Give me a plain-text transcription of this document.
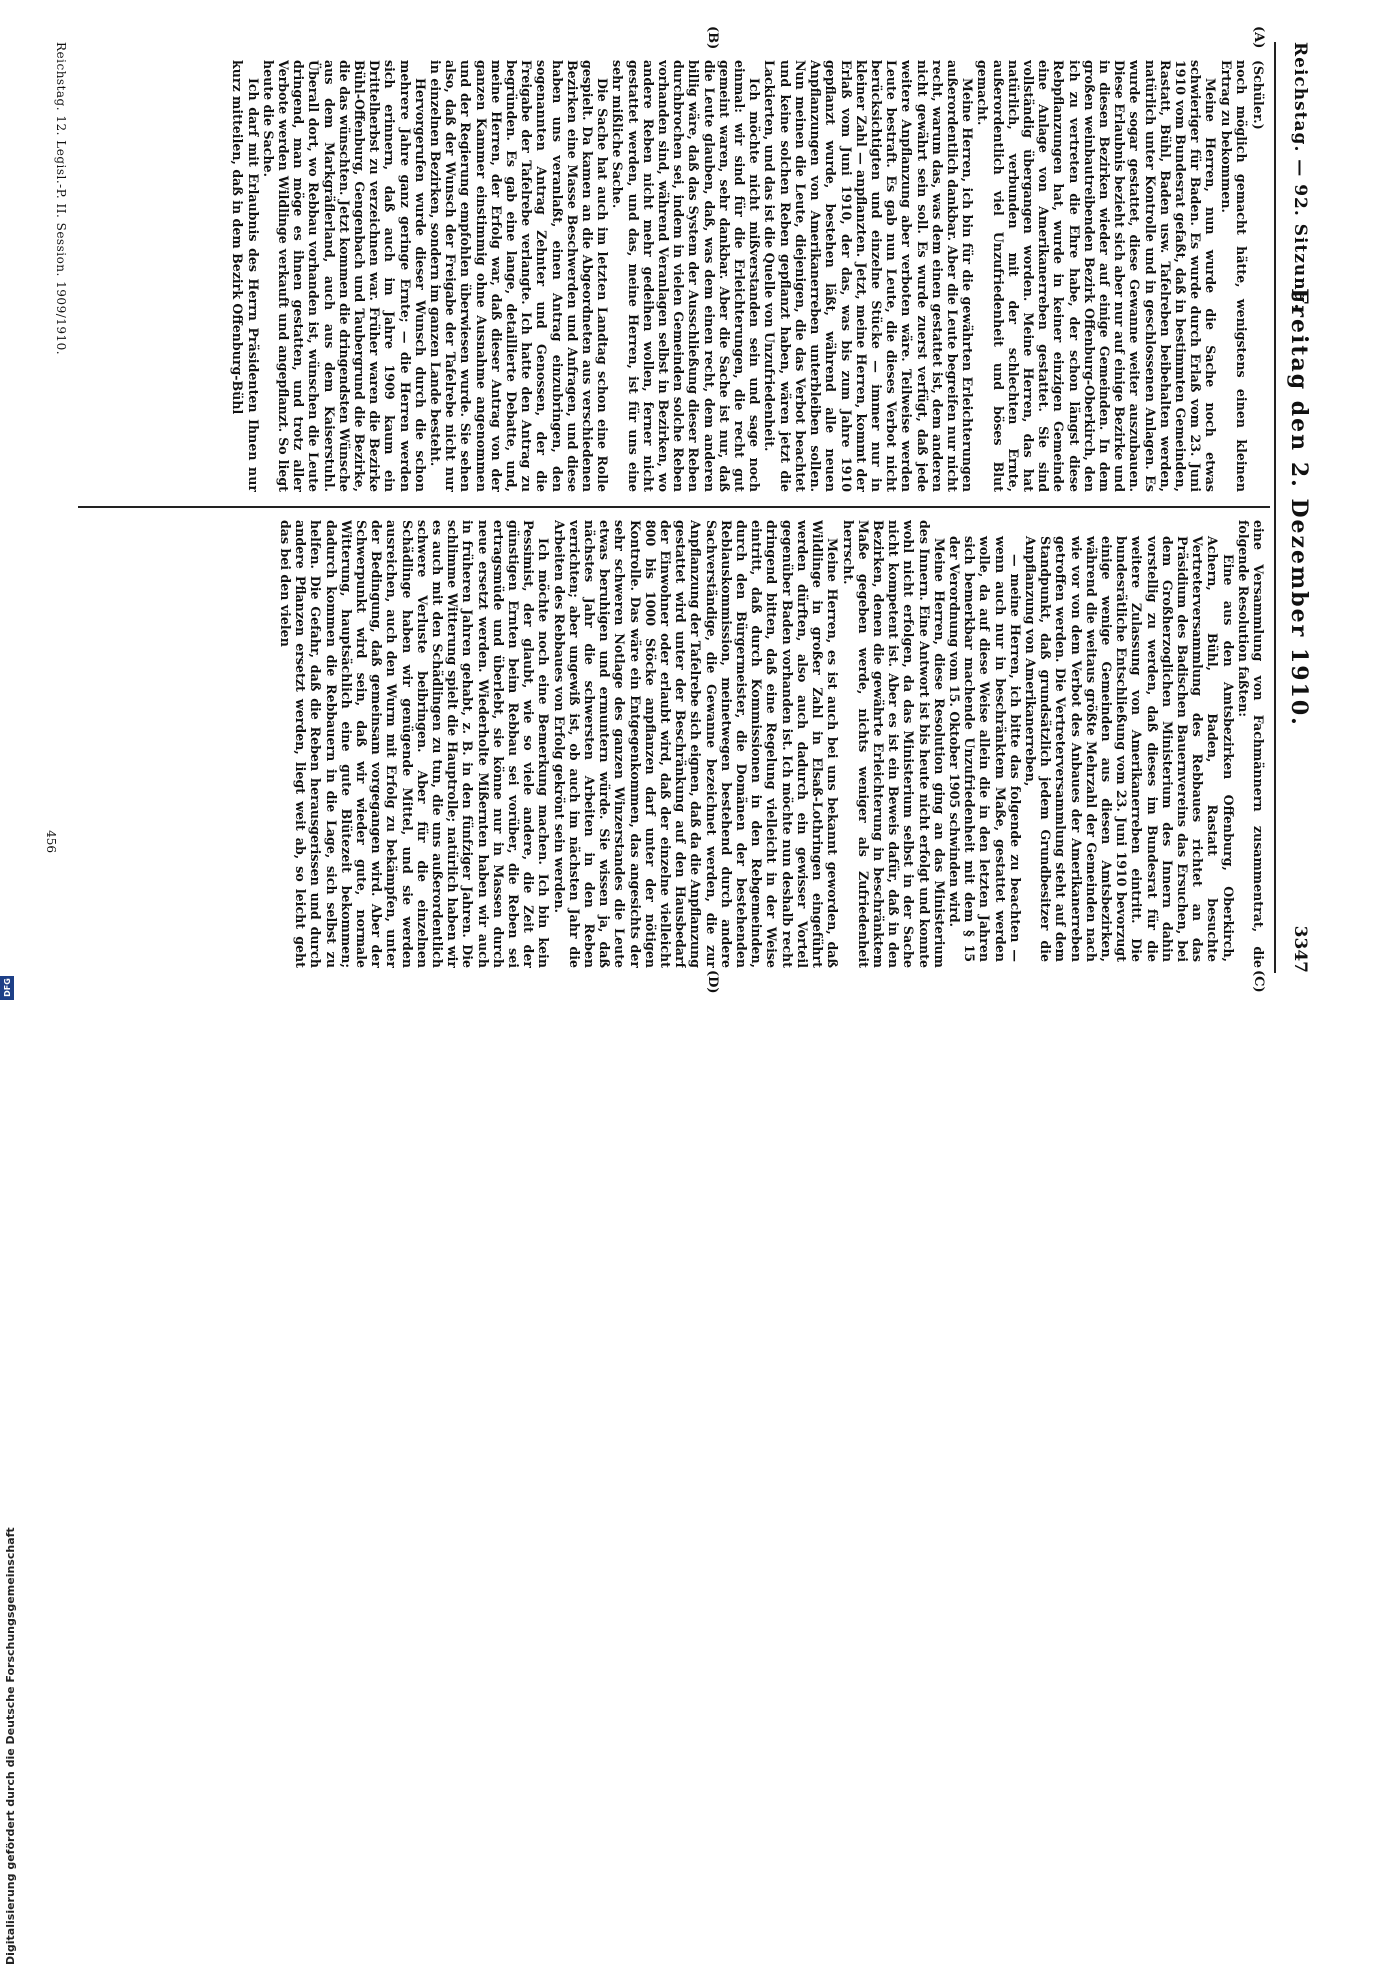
Reichstag. — 92. Sitzung.
Freitag den 2. Dezember 1910.
3347
(A)
(B)
(C)
(D)

(Schüler.)

noch möglich gemacht hätte, wenigstens einen kleinen Ertrag zu bekommen.

Meine Herren, nun wurde die Sache noch etwas schwieriger für Baden. Es wurde durch Erlaß vom 23. Juni 1910 vom Bundesrat gefaßt, daß in bestimmten Gemeinden, Rastatt, Bühl, Baden usw. Tafelreben beibehalten werden, natürlich unter Kontrolle und in geschlossenen Anlagen. Es wurde sogar gestattet, diese Gewanne weiter auszubauen. Diese Erlaubnis bezieht sich aber nur auf einige Bezirke und in diesen Bezirken wieder auf einige Gemeinden. In dem großen weinbautreibenden Bezirk Offenburg-Oberkirch, den ich zu vertreten die Ehre habe, der schon längst diese Rebpflanzungen hat, wurde in keiner einzigen Gemeinde eine Anlage von Amerikanerreben gestattet. Sie sind vollständig übergangen worden. Meine Herren, das hat natürlich, verbunden mit der schlechten Ernte, außerordentlich viel Unzufriedenheit und böses Blut gemacht.

Meine Herren, ich bin für die gewährten Erleichterungen außerordentlich dankbar. Aber die Leute begreifen nur nicht recht, warum das, was dem einen gestattet ist, dem anderen nicht gewährt sein soll. Es wurde zuerst verfügt, daß jede weitere Anpflanzung aber verboten wäre. Teilweise werden Leute bestraft. Es gab nun Leute, die dieses Verbot nicht berücksichtigten und einzelne Stücke — immer nur in kleiner Zahl — anpflanzten. Jetzt, meine Herren, kommt der Erlaß vom Juni 1910, der das, was bis zum Jahre 1910 gepflanzt wurde, bestehen läßt, während alle neuen Anpflanzungen von Amerikanerreben unterbleiben sollen. Nun meinen die Leute, diejenigen, die das Verbot beachtet und keine solchen Reben gepflanzt haben, wären jetzt die Lackierten, und das ist die Quelle von Unzufriedenheit.

Ich möchte nicht mißverstanden sein und sage noch einmal: wir sind für die Erleichterungen, die recht gut gemeint waren, sehr dankbar. Aber die Sache ist nur, daß die Leute glauben, daß, was dem einen recht, dem anderen billig wäre, daß das System der Ausschließung dieser Reben durchbrochen sei, indem in vielen Gemeinden solche Reben vorhanden sind, während Veranlagen selbst in Bezirken, wo andere Reben nicht mehr gedeihen wollen, ferner nicht gestattet werden, und das, meine Herren, ist für uns eine sehr mißliche Sache.

Die Sache hat auch im letzten Landtag schon eine Rolle gespielt. Da kamen an die Abgeordneten aus verschiedenen Bezirken eine Masse Beschwerden und Anfragen, und diese haben uns veranlaßt, einen Antrag einzubringen, den sogenannten Antrag Zehnter und Genossen, der die Freigabe der Tafelrebe verlangte. Ich hatte den Antrag zu begründen. Es gab eine lange, detaillierte Debatte, und, meine Herren, der Erfolg war, daß dieser Antrag von der ganzen Kammer einstimmig ohne Ausnahme angenommen und der Regierung empfohlen überwiesen wurde. Sie sehen also, daß der Wunsch der Freigabe der Tafelrebe nicht nur in einzelnen Bezirken, sondern im ganzen Lande besteht.

Hervorgerufen wurde dieser Wunsch durch die schon mehrere Jahre ganz geringe Ernte; — die Herren werden sich erinnern, daß auch im Jahre 1909 kaum ein Drittelherbst zu verzeichnen war. Früher waren die Bezirke Bühl-Offenburg, Gengenbach und Taubergrund die Bezirke, die das wünschten. Jetzt kommen die dringendsten Wünsche aus dem Markgräflerland, auch aus dem Kaiserstuhl. Überall dort, wo Rebbau vorhanden ist, wünschen die Leute dringend, man möge es ihnen gestatten, und trotz aller Verbote werden Wildlinge verkauft und angepflanzt. So liegt heute die Sache.

Ich darf mit Erlaubnis des Herrn Präsidenten Ihnen nur kurz mitteilen, daß in dem Bezirk Offenburg-Bühl

eine Versammlung von Fachmännern zusammentrat, die folgende Resolution faßten:

Eine aus den Amtsbezirken Offenburg, Oberkirch, Achern, Bühl, Baden, Rastatt besuchte Vertreterversammlung des Rebbaues richtet an das Präsidium des Badischen Bauernvereins das Ersuchen, bei dem Großherzoglichen Ministerium des Innern dahin vorstellig zu werden, daß dieses im Bundesrat für die weitere Zulassung von Amerikanerreben eintritt. Die bundesrätliche Entschließung vom 23. Juni 1910 bevorzugt einige wenige Gemeinden aus diesen Amtsbezirken, während die weitaus größte Mehrzahl der Gemeinden nach wie vor von dem Verbot des Anbaues der Amerikanerreben getroffen werden. Die Vertreterversammlung steht auf dem Standpunkt, daß grundsätzlich jedem Grundbesitzer die Anpflanzung von Amerikanerreben,

— meine Herren, ich bitte das folgende zu beachten — wenn auch nur in beschränktem Maße, gestattet werden wolle, da auf diese Weise allein die in den letzten Jahren sich bemerkbar machende Unzufriedenheit mit dem § 15 der Verordnung vom 15. Oktober 1905 schwinden wird.

Meine Herren, diese Resolution ging an das Ministerium des Innern. Eine Antwort ist bis heute nicht erfolgt und konnte wohl nicht erfolgen, da das Ministerium selbst in der Sache nicht kompetent ist. Aber es ist ein Beweis dafür, daß in den Bezirken, denen die gewährte Erleichterung in beschränktem Maße gegeben werde, nichts weniger als Zufriedenheit herrscht.

Meine Herren, es ist auch bei uns bekannt geworden, daß Wildlinge in großer Zahl in Elsaß-Lothringen eingeführt werden dürften, also auch dadurch ein gewisser Vorteil gegenüber Baden vorhanden ist. Ich möchte nun deshalb recht dringend bitten, daß eine Regelung vielleicht in der Weise eintritt, daß durch Kommissionen in den Rebgemeinden, durch den Bürgermeister, die Domänen der bestehenden Reblauskommission, meinetwegen bestehend durch andere Sachverständige, die Gewanne bezeichnet werden, die zur Anpflanzung der Tafelrebe sich eignen, daß da die Anpflanzung gestattet wird unter der Beschränkung auf den Hausbedarf der Einwohner oder erlaubt wird, daß der einzelne vielleicht 800 bis 1000 Stöcke anpflanzen darf unter der nötigen Kontrolle. Das wäre ein Entgegenkommen, das angesichts der sehr schweren Notlage des ganzen Winzerstandes die Leute etwas beruhigen und ermuntern würde. Sie wissen ja, daß nächstes Jahr die schwersten Arbeiten in den Reben verrichten; aber ungewiß ist, ob auch im nächsten Jahr die Arbeiten des Rebbaues von Erfolg gekrönt sein werden.

Ich möchte noch eine Bemerkung machen. Ich bin kein Pessimist, der glaubt, wie so viele andere, die Zeit der günstigen Ernten beim Rebbau sei vorüber, die Reben sei ertragsmüde und überlebt, sie könne nur in Massen durch neue ersetzt werden. Wiederholte Mißernten haben wir auch in früheren Jahren gehabt, z. B. in den fünfziger Jahren. Die schlimme Witterung spielt die Hauptrolle; natürlich haben wir es auch mit den Schädlingen zu tun, die uns außerordentlich schwere Verluste beibringen. Aber für die einzelnen Schädlinge haben wir genügende Mittel, und sie werden ausreichen, auch den Wurm mit Erfolg zu bekämpfen, unter der Bedingung, daß gemeinsam vorgegangen wird. Aber der Schwerpunkt wird sein, daß wir wieder gute, normale Witterung, hauptsächlich eine gute Blütezeit bekommen; dadurch kommen die Rebbauern in die Lage, sich selbst zu helfen. Die Gefahr, daß die Reben herausgerissen und durch andere Pflanzen ersetzt werden, liegt weit ab, so leicht geht das bei den vielen

Reichstag. 12. Legisl.-P. II. Session. 1909/1910.
456
Digitalisierung gefördert durch die Deutsche Forschungsgemeinschaft
DFG
